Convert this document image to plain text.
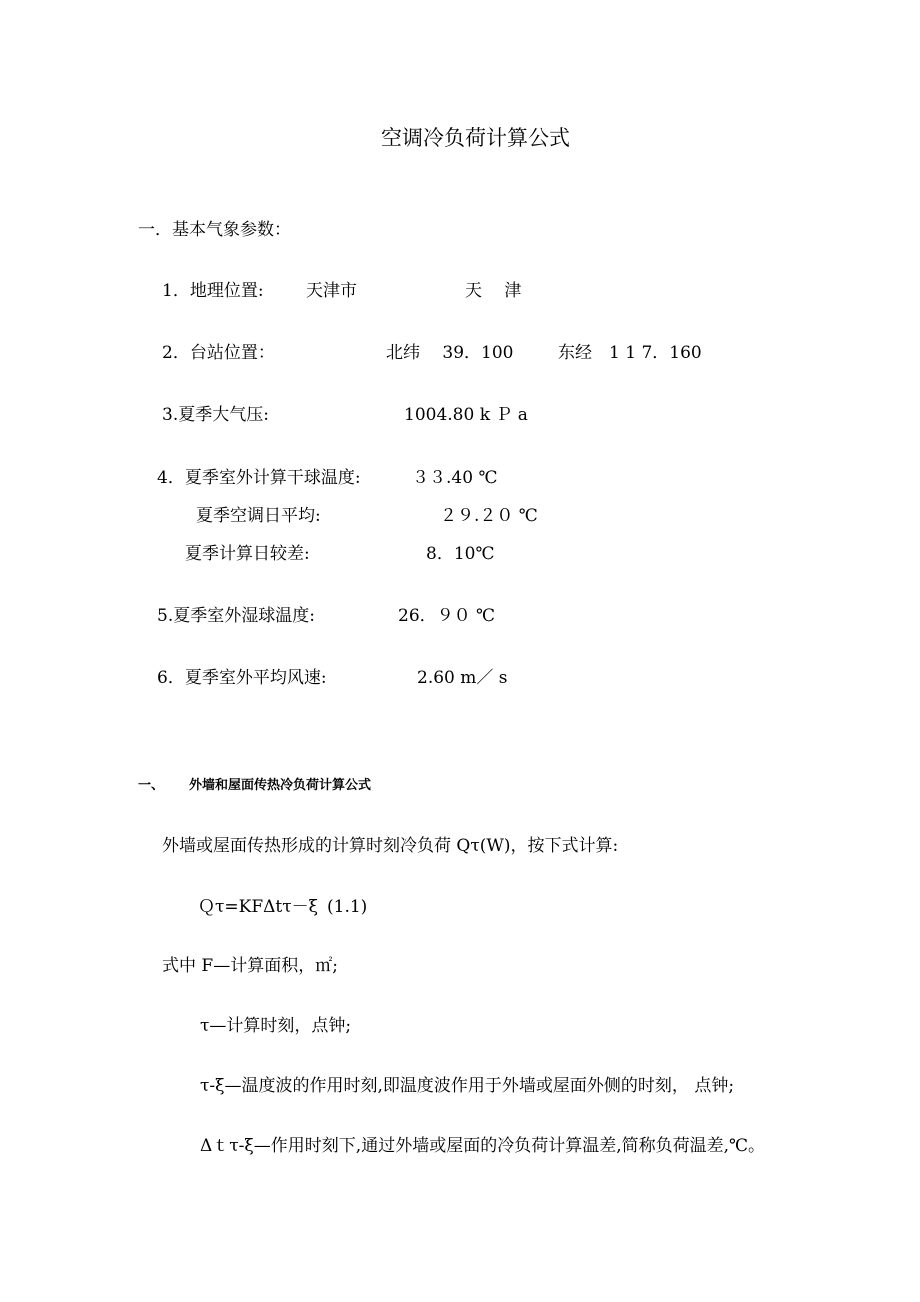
空调冷负荷计算公式
一．基本气象参数：
1．地理位置: 天津市	天　 津
2．台站位置：	北纬　 39．100	东经　1 1 7．160
3.夏季大气压:	1004.80 k Ｐ a
4．夏季室外计算干球温度:	３３.40 ℃
夏季空调日平均:	２９.２０ ℃
夏季计算日较差:	8．10℃
5.夏季室外湿球温度:	26．９０ ℃
6．夏季室外平均风速:	2.60 m／ s
一、 外墙和屋面传热冷负荷计算公式
外墙或屋面传热形成的计算时刻冷负荷 Qτ(W)，按下式计算:
Ｑτ=KFΔtτ－ξ (1.1)
式中 F—计算面积，㎡;
τ—计算时刻，点钟;
τ-ξ—温度波的作用时刻,即温度波作用于外墙或屋面外侧的时刻， 点钟;
Δｔτ-ξ—作用时刻下,通过外墙或屋面的冷负荷计算温差,简称负荷温差,℃。
